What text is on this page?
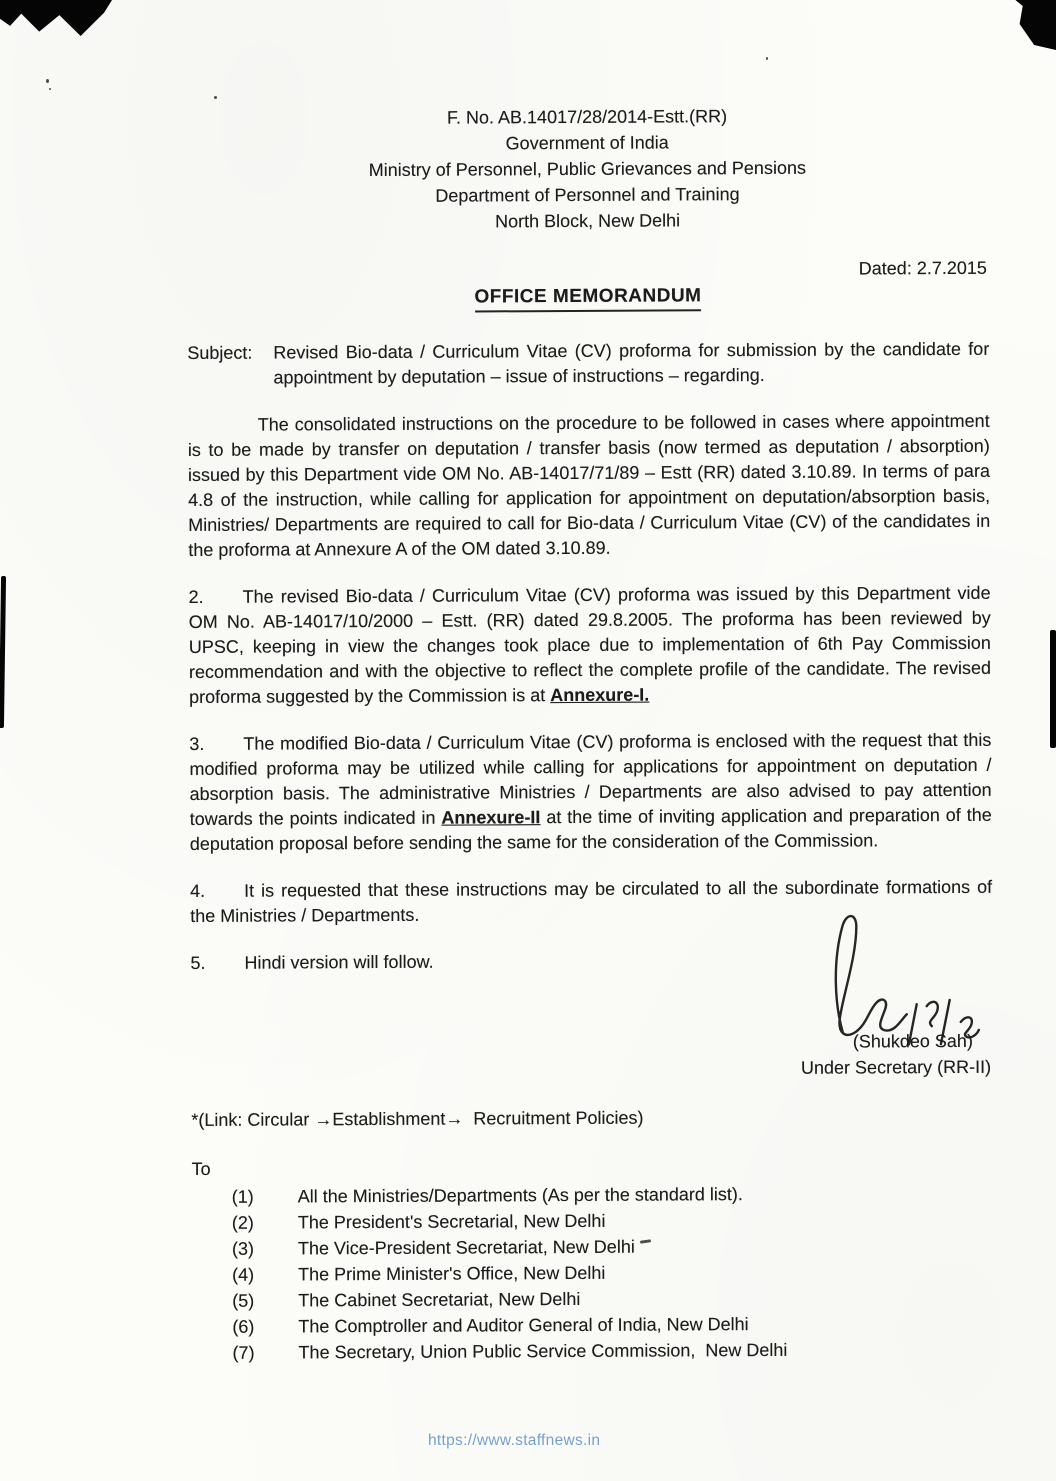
F. No. AB.14017/28/2014-Estt.(RR)
Government of India
Ministry of Personnel, Public Grievances and Pensions
Department of Personnel and Training
North Block, New Delhi
Dated: 2.7.2015
OFFICE MEMORANDUM
Subject:	Revised Bio-data / Curriculum Vitae (CV) proforma for submission by the candidate for appointment by deputation – issue of instructions – regarding.
The consolidated instructions on the procedure to be followed in cases where appointment is to be made by transfer on deputation / transfer basis (now termed as deputation / absorption) issued by this Department vide OM No. AB-14017/71/89 – Estt (RR) dated 3.10.89. In terms of para 4.8 of the instruction, while calling for application for appointment on deputation/absorption basis, Ministries/ Departments are required to call for Bio-data / Curriculum Vitae (CV) of the candidates in the proforma at Annexure A of the OM dated 3.10.89.
2. The revised Bio-data / Curriculum Vitae (CV) proforma was issued by this Department vide OM No. AB-14017/10/2000 – Estt. (RR) dated 29.8.2005. The proforma has been reviewed by UPSC, keeping in view the changes took place due to implementation of 6th Pay Commission recommendation and with the objective to reflect the complete profile of the candidate. The revised proforma suggested by the Commission is at Annexure-I.
3. The modified Bio-data / Curriculum Vitae (CV) proforma is enclosed with the request that this modified proforma may be utilized while calling for applications for appointment on deputation / absorption basis. The administrative Ministries / Departments are also advised to pay attention towards the points indicated in Annexure-II at the time of inviting application and preparation of the deputation proposal before sending the same for the consideration of the Commission.
4. It is requested that these instructions may be circulated to all the subordinate formations of the Ministries / Departments.
5. Hindi version will follow.
(Shukdeo Sah)
Under Secretary (RR-II)
*(Link: Circular →Establishment→  Recruitment Policies)
To
(1)	All the Ministries/Departments (As per the standard list).
(2)	The President's Secretarial, New Delhi
(3)	The Vice-President Secretariat, New Delhi
(4)	The Prime Minister's Office, New Delhi
(5)	The Cabinet Secretariat, New Delhi
(6)	The Comptroller and Auditor General of India, New Delhi
(7)	The Secretary, Union Public Service Commission,  New Delhi
https://www.staffnews.in
